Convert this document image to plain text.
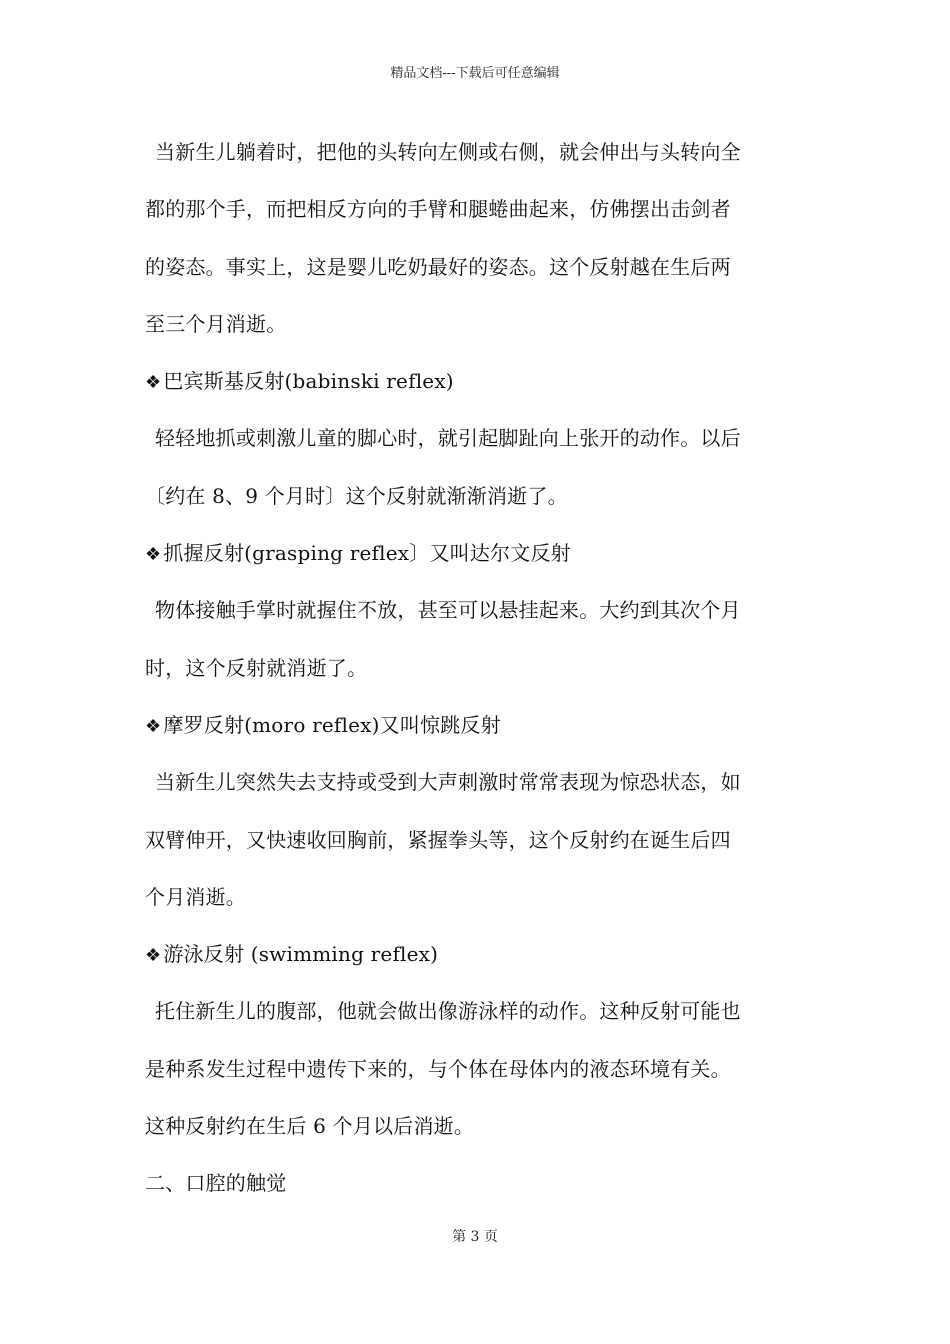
精品文档---下载后可任意编辑
当新生儿躺着时，把他的头转向左侧或右侧，就会伸出与头转向全
都的那个手，而把相反方向的手臂和腿蜷曲起来，仿佛摆出击剑者
的姿态。事实上，这是婴儿吃奶最好的姿态。这个反射越在生后两
至三个月消逝。
❖ 巴宾斯基反射(babinski reflex)
轻轻地抓或刺激儿童的脚心时，就引起脚趾向上张开的动作。以后
〔约在 8、9 个月时〕这个反射就渐渐消逝了。
❖ 抓握反射(grasping reflex〕又叫达尔文反射
物体接触手掌时就握住不放，甚至可以悬挂起来。大约到其次个月
时，这个反射就消逝了。
❖ 摩罗反射(moro reflex)又叫惊跳反射
当新生儿突然失去支持或受到大声刺激时常常表现为惊恐状态，如
双臂伸开，又快速收回胸前，紧握拳头等，这个反射约在诞生后四
个月消逝。
❖ 游泳反射 (swimming reflex)
托住新生儿的腹部，他就会做出像游泳样的动作。这种反射可能也
是种系发生过程中遗传下来的，与个体在母体内的液态环境有关。
这种反射约在生后 6 个月以后消逝。
二、口腔的触觉
第 3 页
